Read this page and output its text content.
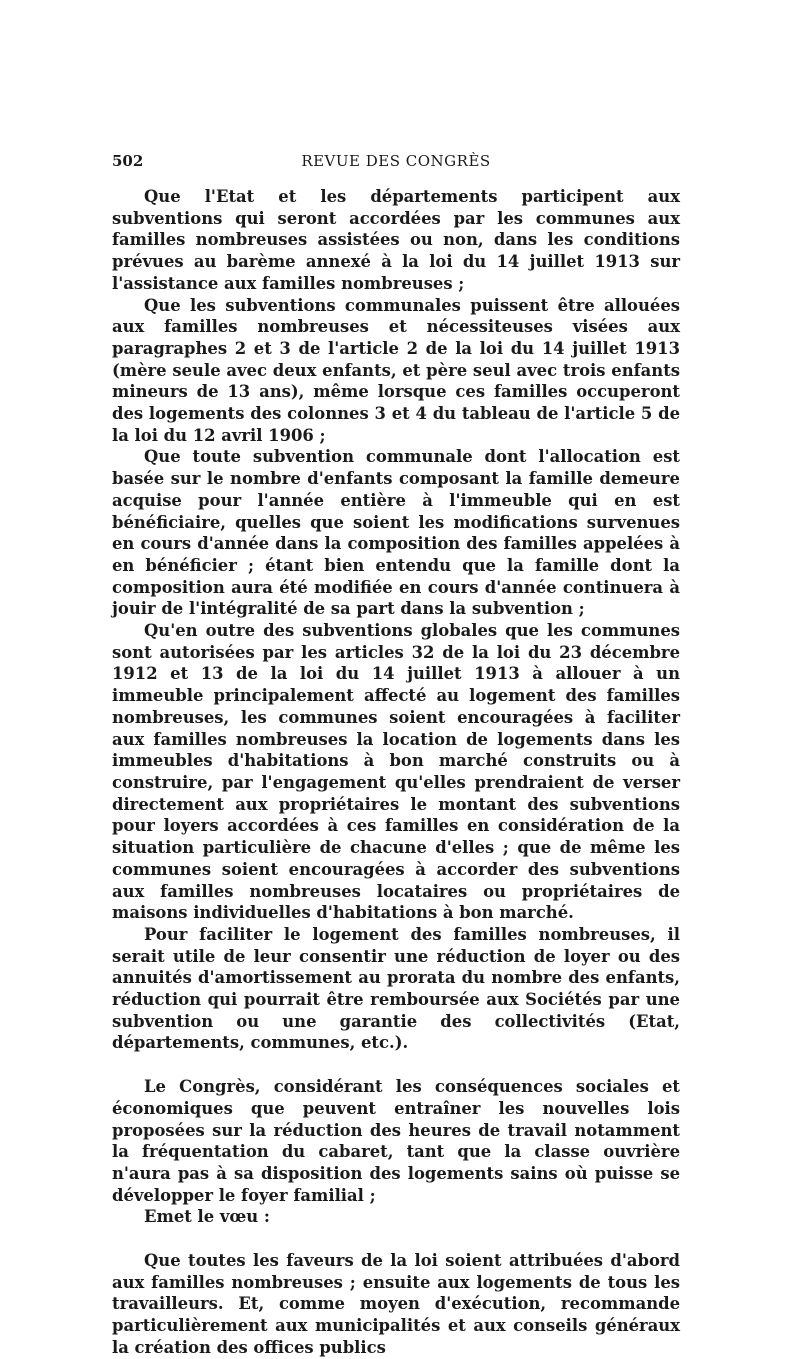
502	REVUE DES CONGRÈS

Que l'Etat et les départements participent aux subventions qui seront accordées par les communes aux familles nombreuses assistées ou non, dans les conditions prévues au barème annexé à la loi du 14 juillet 1913 sur l'assistance aux familles nombreuses ;

Que les subventions communales puissent être allouées aux familles nombreuses et nécessiteuses visées aux paragraphes 2 et 3 de l'article 2 de la loi du 14 juillet 1913 (mère seule avec deux enfants, et père seul avec trois enfants mineurs de 13 ans), même lorsque ces familles occuperont des logements des colonnes 3 et 4 du tableau de l'article 5 de la loi du 12 avril 1906 ;

Que toute subvention communale dont l'allocation est basée sur le nombre d'enfants composant la famille demeure acquise pour l'année entière à l'immeuble qui en est bénéficiaire, quelles que soient les modifications survenues en cours d'année dans la composition des familles appelées à en bénéficier ; étant bien entendu que la famille dont la composition aura été modifiée en cours d'année continuera à jouir de l'intégralité de sa part dans la subvention ;

Qu'en outre des subventions globales que les communes sont autorisées par les articles 32 de la loi du 23 décembre 1912 et 13 de la loi du 14 juillet 1913 à allouer à un immeuble principalement affecté au logement des familles nombreuses, les communes soient encouragées à faciliter aux familles nombreuses la location de logements dans les immeubles d'habitations à bon marché construits ou à construire, par l'engagement qu'elles prendraient de verser directement aux propriétaires le montant des subventions pour loyers accordées à ces familles en considération de la situation particulière de chacune d'elles ; que de même les communes soient encouragées à accorder des subventions aux familles nombreuses locataires ou propriétaires de maisons individuelles d'habitations à bon marché.

Pour faciliter le logement des familles nombreuses, il serait utile de leur consentir une réduction de loyer ou des annuités d'amortissement au prorata du nombre des enfants, réduction qui pourrait être remboursée aux Sociétés par une subvention ou une garantie des collectivités (Etat, départements, communes, etc.).

Le Congrès, considérant les conséquences sociales et économiques que peuvent entraîner les nouvelles lois proposées sur la réduction des heures de travail notamment la fréquentation du cabaret, tant que la classe ouvrière n'aura pas à sa disposition des logements sains où puisse se développer le foyer familial ;

Emet le vœu :

Que toutes les faveurs de la loi soient attribuées d'abord aux familles nombreuses ; ensuite aux logements de tous les travailleurs. Et, comme moyen d'exécution, recommande particulièrement aux municipalités et aux conseils généraux la création des offices publics
